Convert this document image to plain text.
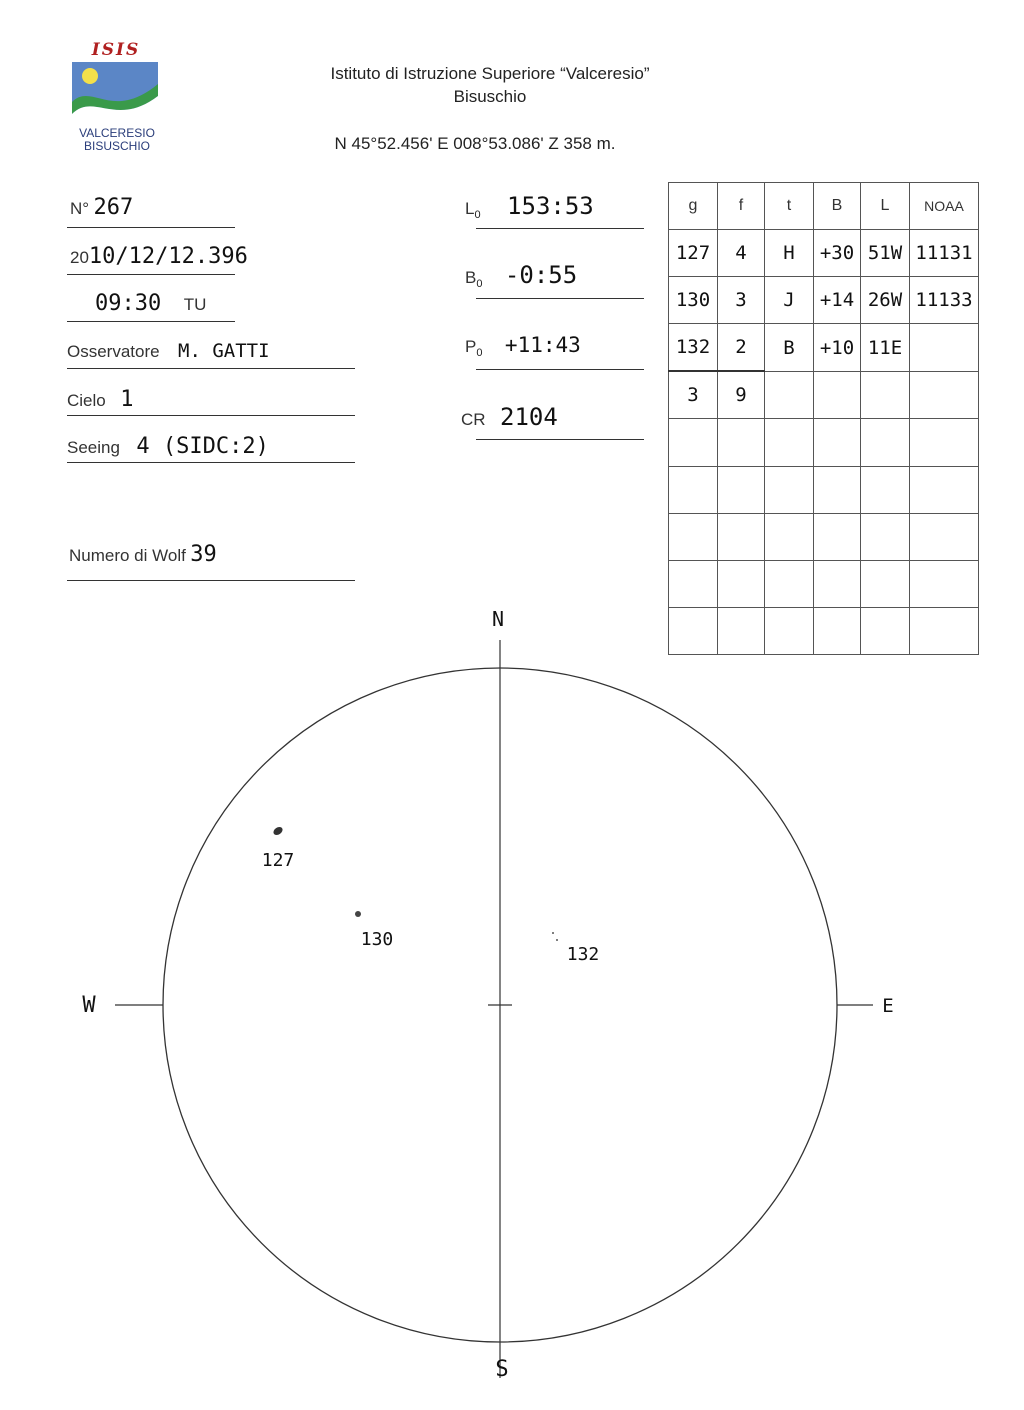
ISIS
VALCERESIO
BISUSCHIO
Istituto di Istruzione Superiore “Valceresio”
Bisuschio
N 45°52.456' E 008°53.086' Z 358 m.
N° 267
2010/12/12.396
09:30 TU
Osservatore M. GATTI
Cielo 1
Seeing 4 (SIDC:2)
Numero di Wolf 39
$L_0$ 153:53
$B_0$ -0:55
$P_0$ +11:43
CR 2104
g	f	t	B	L	NOAA
127	4	H	+30	51W	11131
130	3	J	+14	26W	11133
132	2	B	+10	11E	
3	9				

N
S
W	E
127
130
132
